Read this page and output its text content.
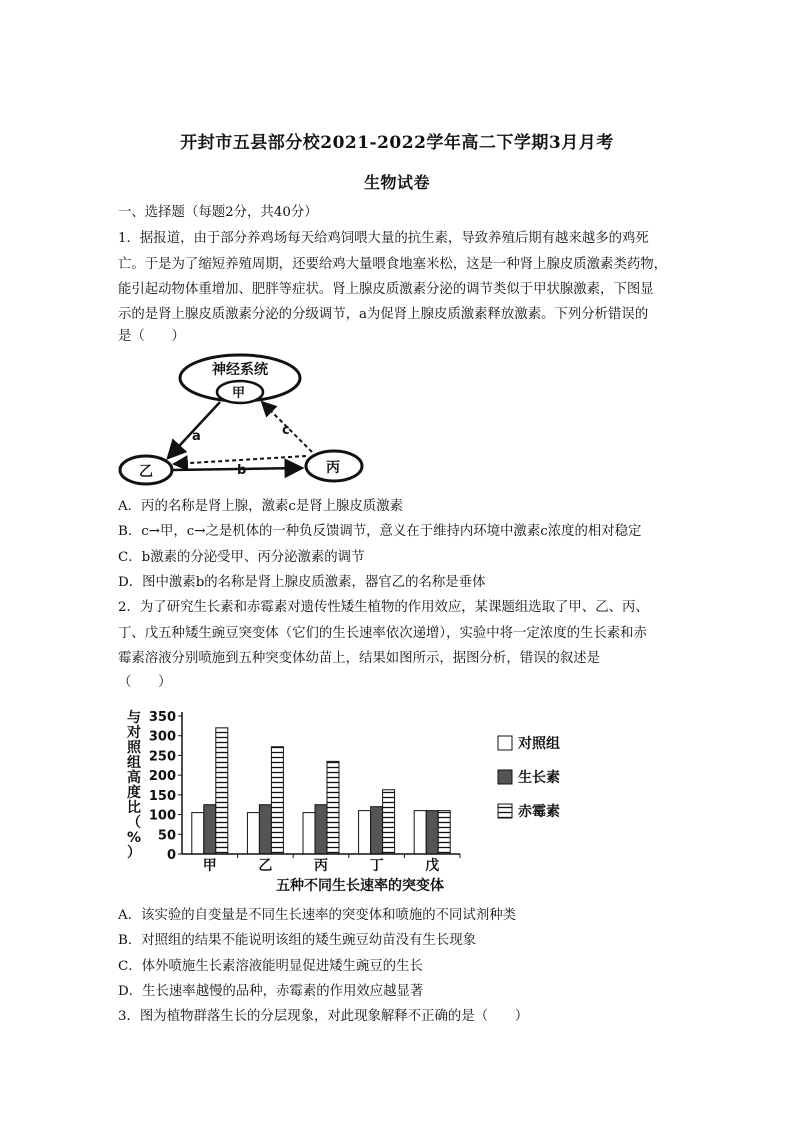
开封市五县部分校2021-2022学年高二下学期3月月考
生物试卷
一、选择题（每题2分，共40分）
1．据报道，由于部分养鸡场每天给鸡饲喂大量的抗生素，导致养殖后期有越来越多的鸡死
亡。于是为了缩短养殖周期，还要给鸡大量喂食地塞米松，这是一种肾上腺皮质激素类药物，
能引起动物体重增加、肥胖等症状。肾上腺皮质激素分泌的调节类似于甲状腺激素，下图显
示的是肾上腺皮质激素分泌的分级调节，a为促肾上腺皮质激素释放激素。下列分析错误的
是（　　）
神经系统
甲
乙	丙
a
b
c
A．丙的名称是肾上腺，激素c是肾上腺皮质激素
B．c→甲，c→之是机体的一种负反馈调节，意义在于维持内环境中激素c浓度的相对稳定
C．b激素的分泌受甲、丙分泌激素的调节
D．图中激素b的名称是肾上腺皮质激素，器官乙的名称是垂体
2．为了研究生长素和赤霉素对遗传性矮生植物的作用效应，某课题组选取了甲、乙、丙、
丁、戊五种矮生豌豆突变体（它们的生长速率依次递增），实验中将一定浓度的生长素和赤
霉素溶液分别喷施到五种突变体幼苗上，结果如图所示，据图分析，错误的叙述是
（　　）
与
对
照
组
高
度
比
（
%
） 0
50
100
150
200
250
300
350
甲	乙	丙	丁	戊
五种不同生长速率的突变体
对照组
生长素
赤霉素
A．该实验的自变量是不同生长速率的突变体和喷施的不同试剂种类
B．对照组的结果不能说明该组的矮生豌豆幼苗没有生长现象
C．体外喷施生长素溶液能明显促进矮生豌豆的生长
D．生长速率越慢的品种，赤霉素的作用效应越显著
3．图为植物群落生长的分层现象，对此现象解释不正确的是（　　）
